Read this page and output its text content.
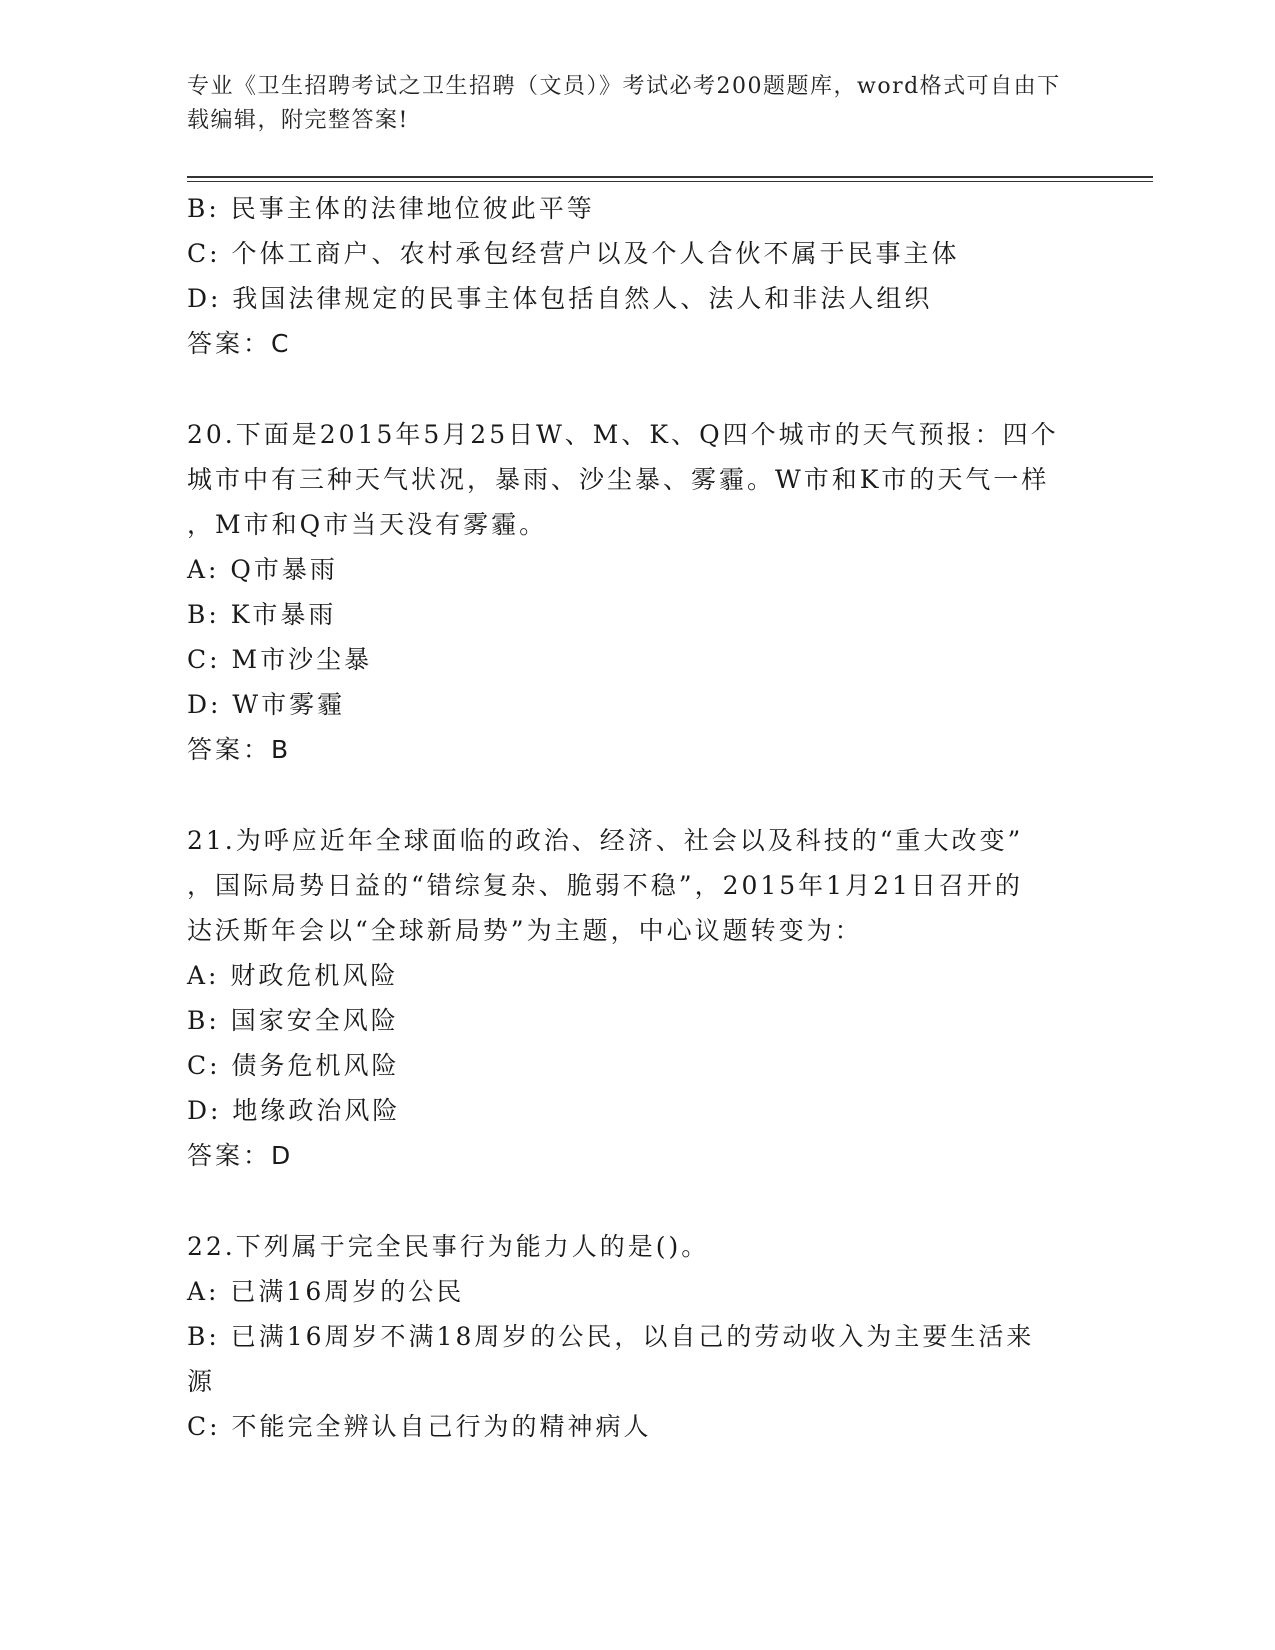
专业《卫生招聘考试之卫生招聘（文员）》考试必考200题题库，word格式可自由下载编辑，附完整答案!
B: 民事主体的法律地位彼此平等
C: 个体工商户、农村承包经营户以及个人合伙不属于民事主体
D: 我国法律规定的民事主体包括自然人、法人和非法人组织
答案：C
20.下面是2015年5月25日W、M、K、Q四个城市的天气预报：四个
城市中有三种天气状况，暴雨、沙尘暴、雾霾。W市和K市的天气一样
，M市和Q市当天没有雾霾。
A: Q市暴雨
B: K市暴雨
C: M市沙尘暴
D: W市雾霾
答案：B
21.为呼应近年全球面临的政治、经济、社会以及科技的“重大改变”
，国际局势日益的“错综复杂、脆弱不稳”，2015年1月21日召开的
达沃斯年会以“全球新局势”为主题，中心议题转变为：
A: 财政危机风险
B: 国家安全风险
C: 债务危机风险
D: 地缘政治风险
答案：D
22.下列属于完全民事行为能力人的是()。
A: 已满16周岁的公民
B: 已满16周岁不满18周岁的公民，以自己的劳动收入为主要生活来
源
C: 不能完全辨认自己行为的精神病人
